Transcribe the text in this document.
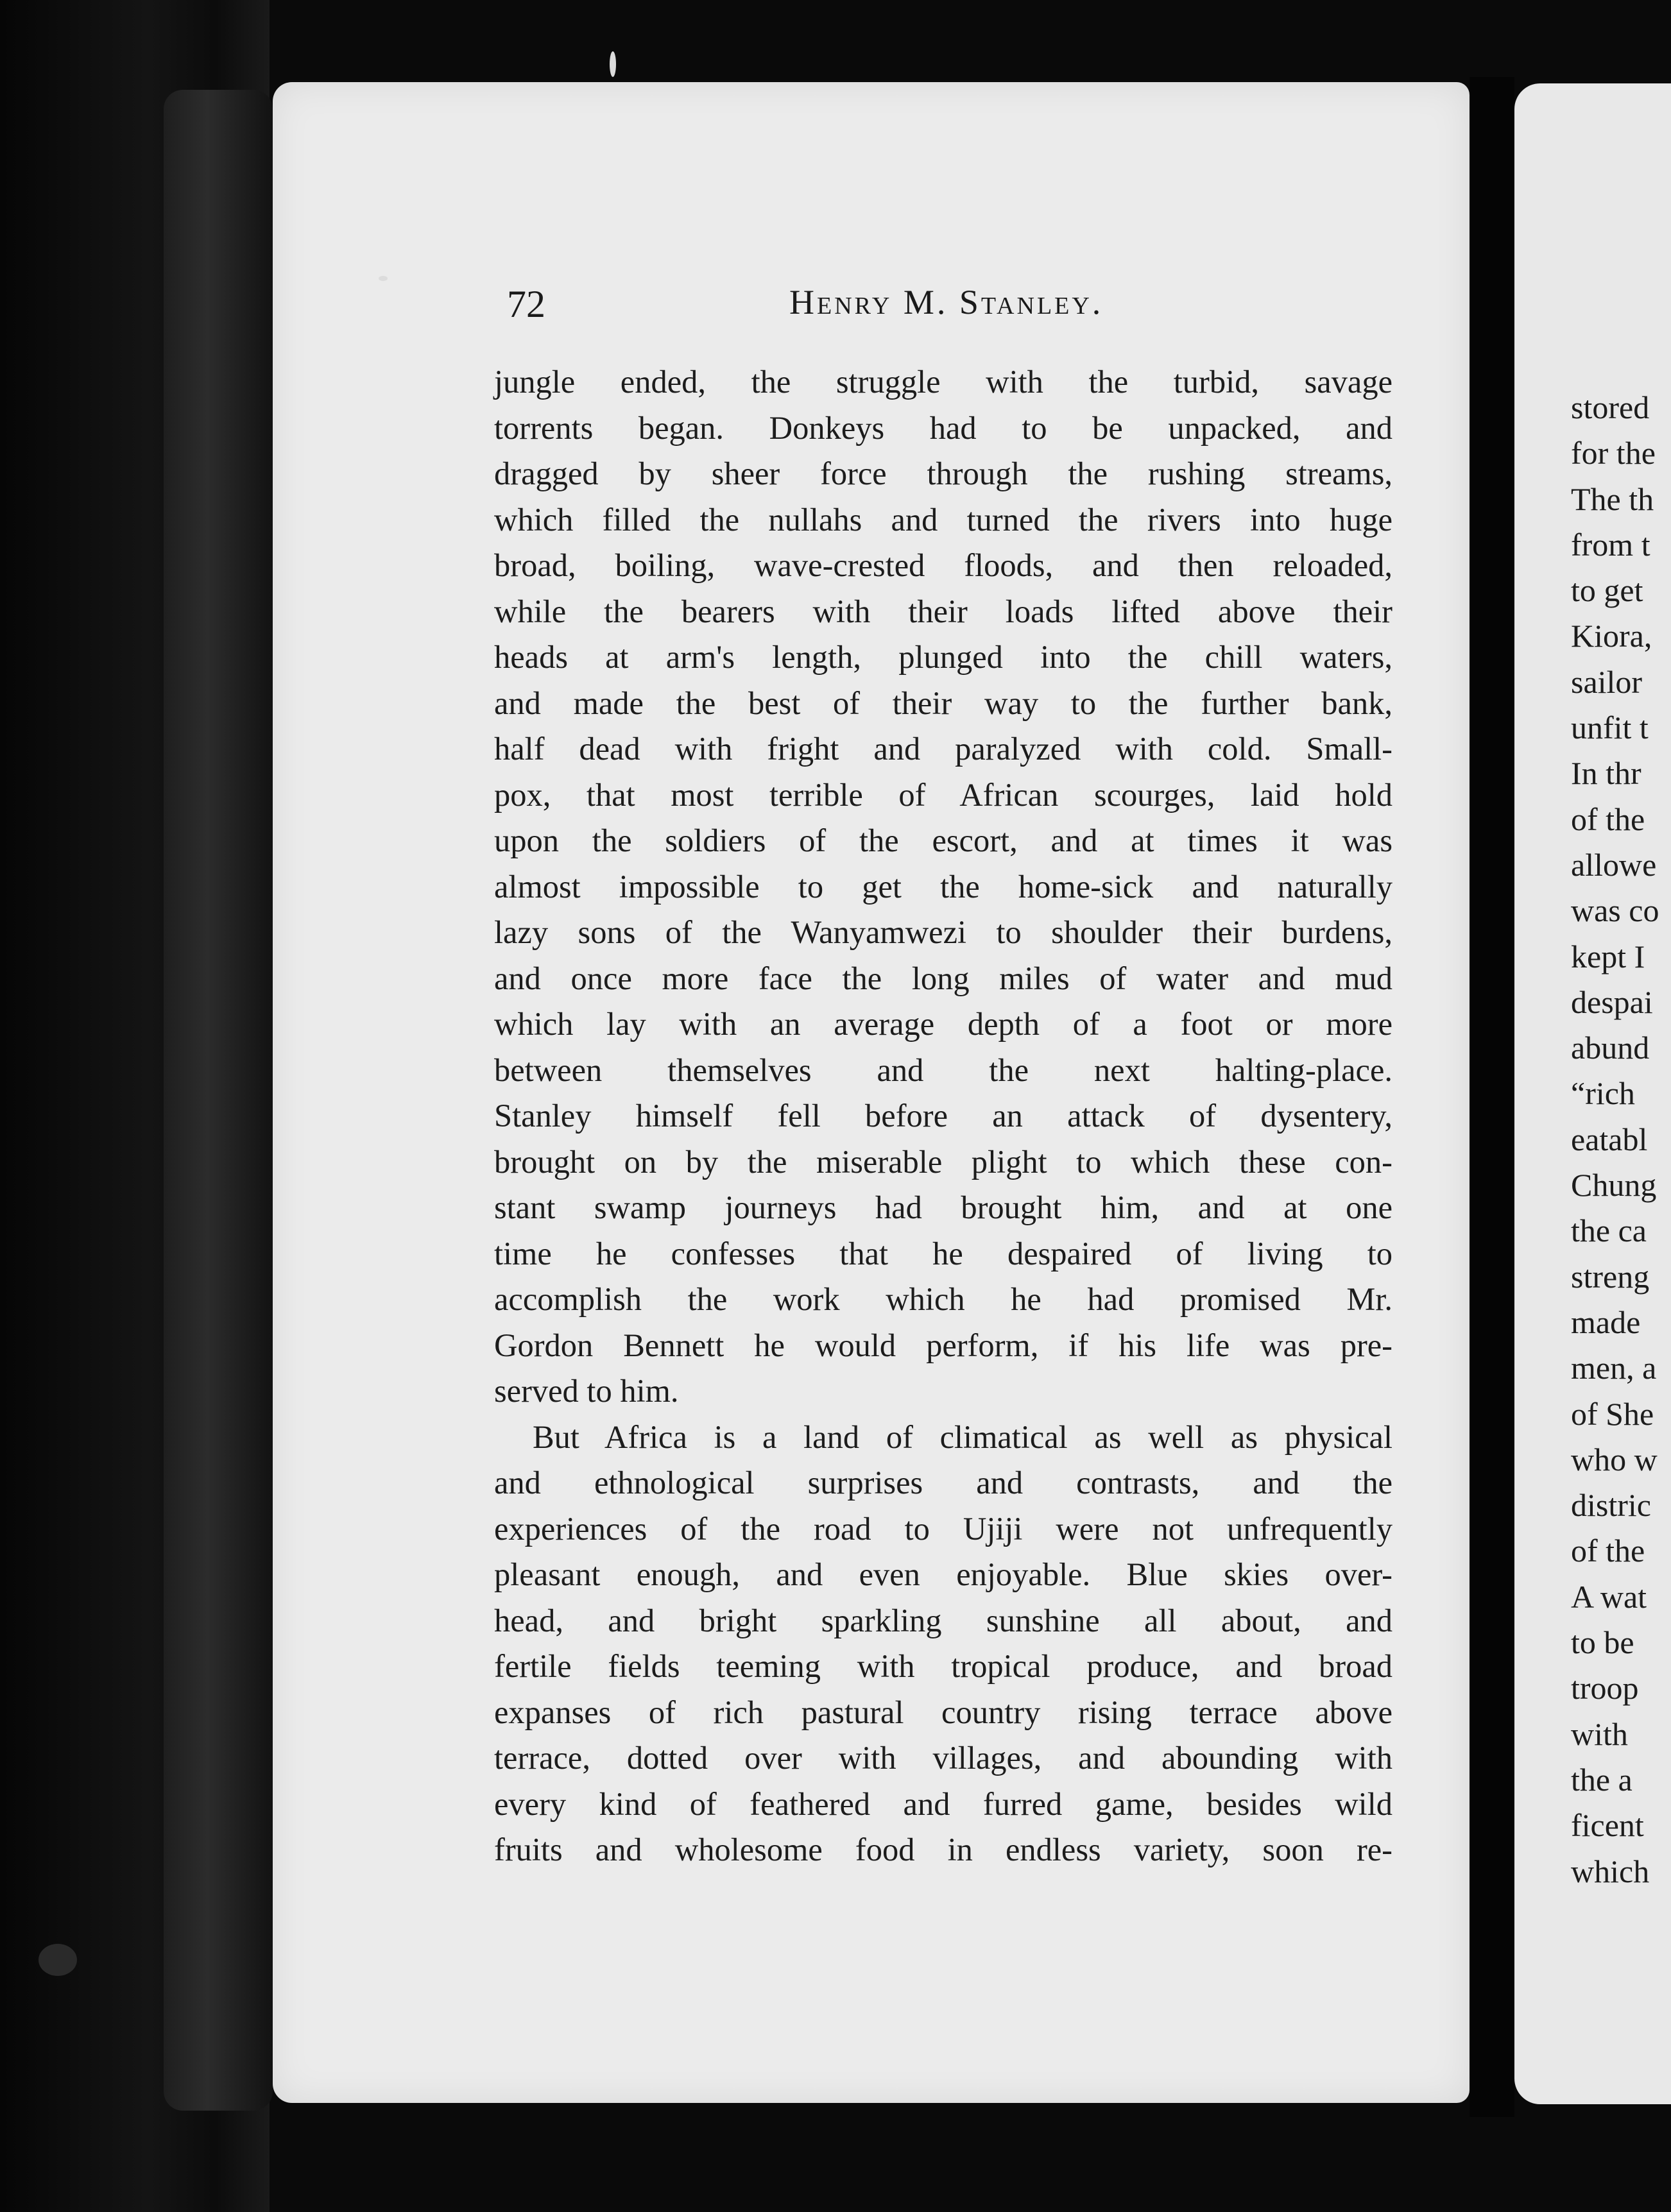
72	Henry M. Stanley.
jungle ended, the struggle with the turbid, savage
torrents began. Donkeys had to be unpacked, and
dragged by sheer force through the rushing streams,
which filled the nullahs and turned the rivers into huge
broad, boiling, wave-crested floods, and then reloaded,
while the bearers with their loads lifted above their
heads at arm's length, plunged into the chill waters,
and made the best of their way to the further bank,
half dead with fright and paralyzed with cold. Small-
pox, that most terrible of African scourges, laid hold
upon the soldiers of the escort, and at times it was
almost impossible to get the home-sick and naturally
lazy sons of the Wanyamwezi to shoulder their burdens,
and once more face the long miles of water and mud
which lay with an average depth of a foot or more
between themselves and the next halting-place.
Stanley himself fell before an attack of dysentery,
brought on by the miserable plight to which these con-
stant swamp journeys had brought him, and at one
time he confesses that he despaired of living to
accomplish the work which he had promised Mr.
Gordon Bennett he would perform, if his life was pre-
served to him.
But Africa is a land of climatical as well as physical
and ethnological surprises and contrasts, and the
experiences of the road to Ujiji were not unfrequently
pleasant enough, and even enjoyable. Blue skies over-
head, and bright sparkling sunshine all about, and
fertile fields teeming with tropical produce, and broad
expanses of rich pastural country rising terrace above
terrace, dotted over with villages, and abounding with
every kind of feathered and furred game, besides wild
fruits and wholesome food in endless variety, soon re-
stored
for the
The th
from t
to get
Kiora,
sailor
unfit t
In thr
of the
allowe
was co
kept I
despai
abund
“rich
eatabl
Chung
the ca
streng
made
men, a
of She
who w
distric
of the
A wat
to be
troop
with
the a
ficent
which
